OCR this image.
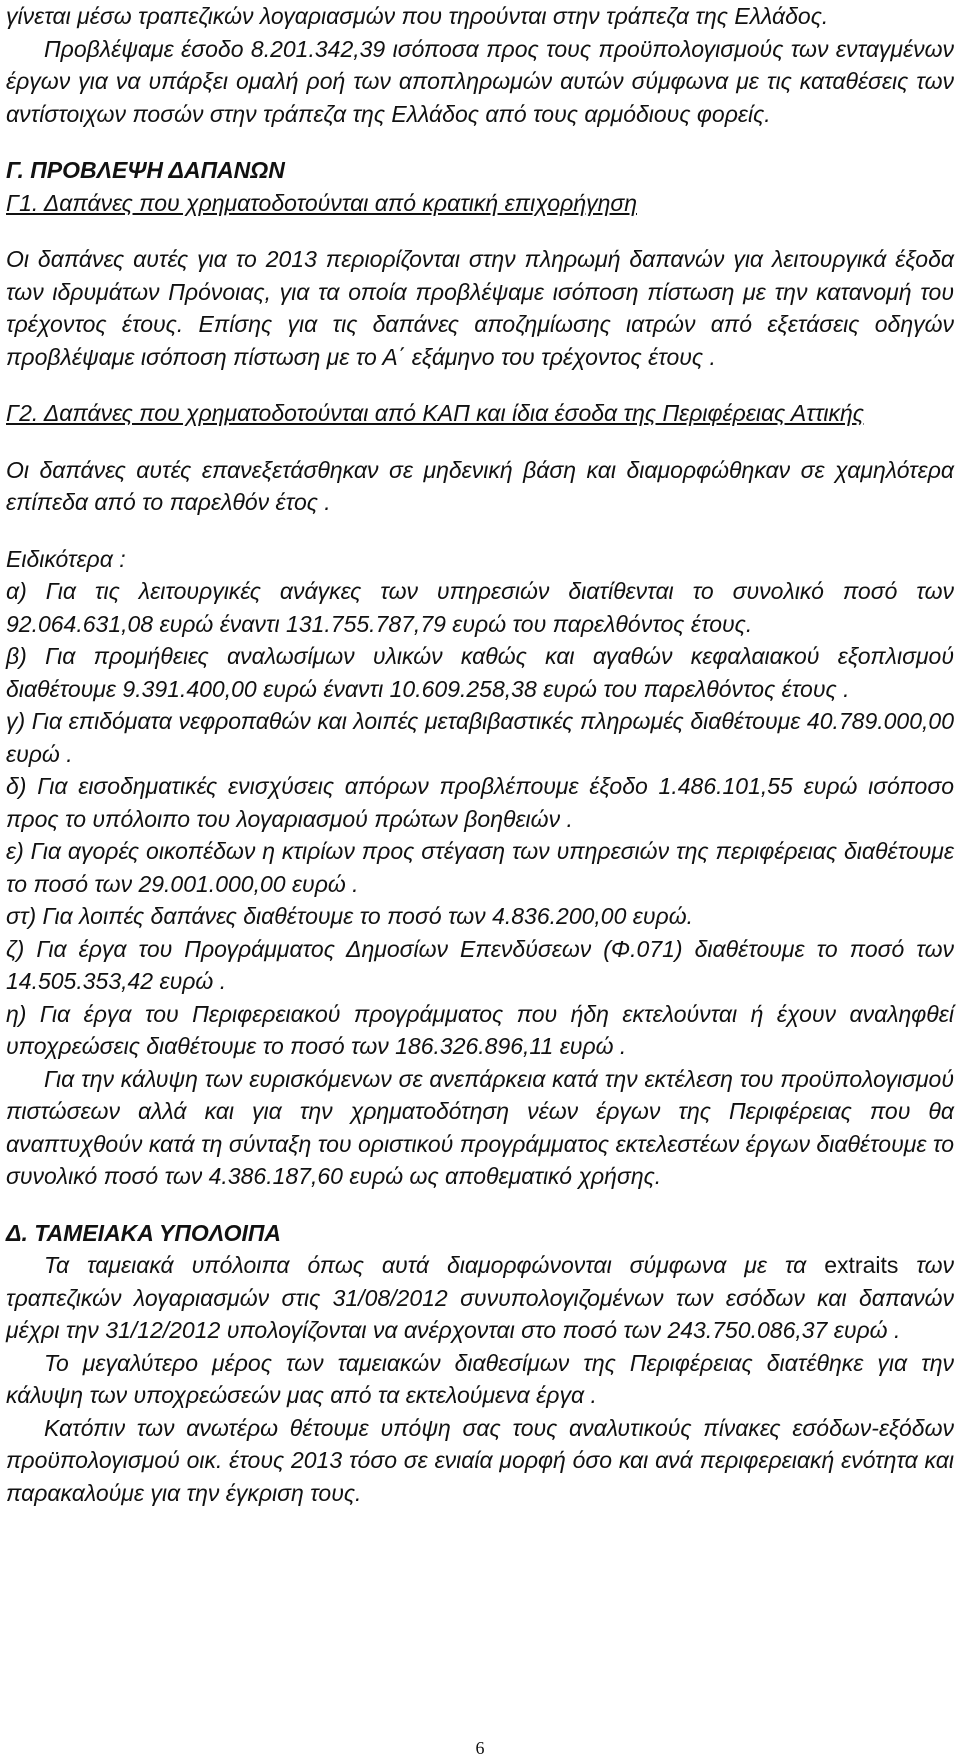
γίνεται μέσω τραπεζικών λογαριασμών που τηρούνται στην τράπεζα της Ελλάδος.

Προβλέψαμε έσοδο 8.201.342,39 ισόποσα προς τους προϋπολογισμούς των ενταγμένων έργων για να υπάρξει ομαλή ροή των αποπληρωμών αυτών σύμφωνα με τις καταθέσεις των αντίστοιχων ποσών στην τράπεζα της Ελλάδος από τους αρμόδιους φορείς.

Γ. ΠΡΟΒΛΕΨΗ ΔΑΠΑΝΩΝ

Γ1. Δαπάνες που χρηματοδοτούνται από κρατική επιχορήγηση

Οι δαπάνες αυτές για το 2013 περιορίζονται στην πληρωμή δαπανών για λειτουργικά έξοδα των ιδρυμάτων Πρόνοιας, για τα οποία προβλέψαμε ισόποση πίστωση με την κατανομή του τρέχοντος έτους. Επίσης για τις δαπάνες αποζημίωσης ιατρών από εξετάσεις οδηγών προβλέψαμε ισόποση πίστωση με το Α΄ εξάμηνο του τρέχοντος έτους .

Γ2. Δαπάνες που χρηματοδοτούνται από ΚΑΠ και ίδια έσοδα της Περιφέρειας Αττικής

Οι δαπάνες αυτές επανεξετάσθηκαν σε μηδενική βάση και διαμορφώθηκαν σε χαμηλότερα επίπεδα από το παρελθόν έτος .

Ειδικότερα :

α) Για τις λειτουργικές ανάγκες των υπηρεσιών διατίθενται το συνολικό ποσό των 92.064.631,08 ευρώ έναντι 131.755.787,79 ευρώ του παρελθόντος έτους.

β) Για προμήθειες αναλωσίμων υλικών καθώς και αγαθών κεφαλαιακού εξοπλισμού διαθέτουμε 9.391.400,00 ευρώ έναντι 10.609.258,38 ευρώ του παρελθόντος έτους .

γ) Για επιδόματα νεφροπαθών και λοιπές μεταβιβαστικές πληρωμές διαθέτουμε 40.789.000,00 ευρώ .

δ) Για εισοδηματικές ενισχύσεις απόρων προβλέπουμε έξοδο 1.486.101,55 ευρώ ισόποσο προς το υπόλοιπο του λογαριασμού πρώτων βοηθειών .

ε) Για αγορές οικοπέδων η κτιρίων προς στέγαση των υπηρεσιών της περιφέρειας διαθέτουμε το ποσό των 29.001.000,00 ευρώ .

στ) Για λοιπές δαπάνες διαθέτουμε το ποσό των 4.836.200,00 ευρώ.

ζ) Για έργα του Προγράμματος Δημοσίων Επενδύσεων (Φ.071) διαθέτουμε το ποσό των 14.505.353,42 ευρώ .

η) Για έργα του Περιφερειακού προγράμματος που ήδη εκτελούνται ή έχουν αναληφθεί υποχρεώσεις διαθέτουμε το ποσό των 186.326.896,11 ευρώ .

Για την κάλυψη των ευρισκόμενων σε ανεπάρκεια κατά την εκτέλεση του προϋπολογισμού πιστώσεων αλλά και για την χρηματοδότηση νέων έργων της Περιφέρειας που θα αναπτυχθούν κατά τη σύνταξη του οριστικού προγράμματος εκτελεστέων έργων διαθέτουμε το συνολικό ποσό των 4.386.187,60 ευρώ ως αποθεματικό χρήσης.

Δ. ΤΑΜΕΙΑΚΑ ΥΠΟΛΟΙΠΑ

Τα ταμειακά υπόλοιπα όπως αυτά διαμορφώνονται σύμφωνα με τα extraits των τραπεζικών λογαριασμών στις 31/08/2012 συνυπολογιζομένων των εσόδων και δαπανών μέχρι την 31/12/2012 υπολογίζονται να ανέρχονται στο ποσό των 243.750.086,37 ευρώ .

Το μεγαλύτερο μέρος των ταμειακών διαθεσίμων της Περιφέρειας διατέθηκε για την κάλυψη των υποχρεώσεών μας από τα εκτελούμενα έργα .

Κατόπιν των ανωτέρω θέτουμε υπόψη σας τους αναλυτικούς πίνακες εσόδων-εξόδων προϋπολογισμού οικ. έτους 2013 τόσο σε ενιαία μορφή όσο και ανά περιφερειακή ενότητα και παρακαλούμε για την έγκριση τους.

6
